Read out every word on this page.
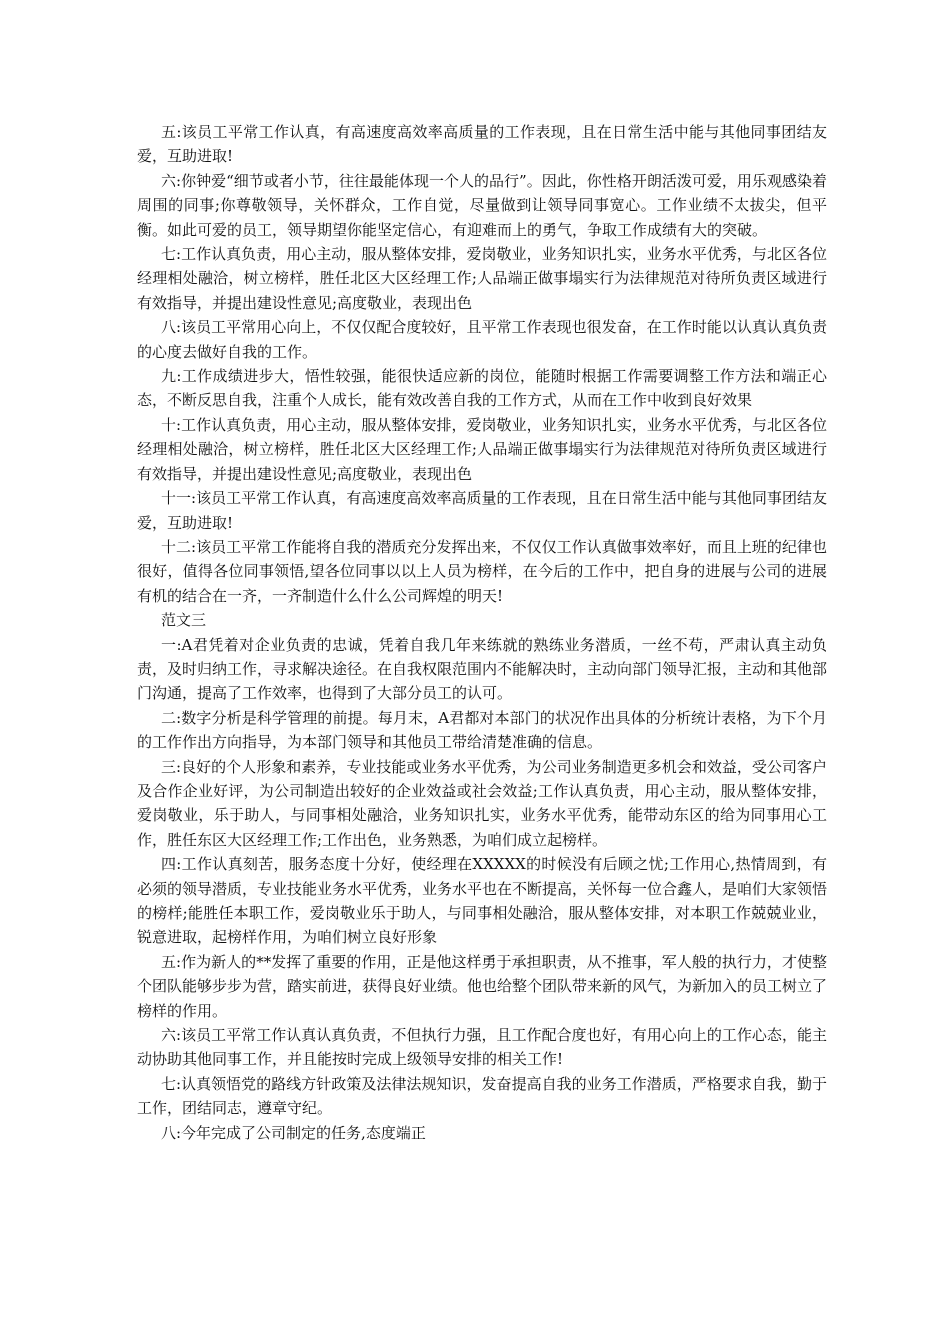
五:该员工平常工作认真，有高速度高效率高质量的工作表现，且在日常生活中能与其他同事团结友爱，互助进取!

六:你钟爱“细节或者小节，往往最能体现一个人的品行”。因此，你性格开朗活泼可爱，用乐观感染着周围的同事;你尊敬领导，关怀群众，工作自觉，尽量做到让领导同事宽心。工作业绩不太拔尖，但平衡。如此可爱的员工，领导期望你能坚定信心，有迎难而上的勇气，争取工作成绩有大的突破。

七:工作认真负责，用心主动，服从整体安排，爱岗敬业，业务知识扎实，业务水平优秀，与北区各位经理相处融洽，树立榜样，胜任北区大区经理工作;人品端正做事塌实行为法律规范对待所负责区域进行有效指导，并提出建设性意见;高度敬业，表现出色

八:该员工平常用心向上，不仅仅配合度较好，且平常工作表现也很发奋，在工作时能以认真认真负责的心度去做好自我的工作。

九:工作成绩进步大，悟性较强，能很快适应新的岗位，能随时根据工作需要调整工作方法和端正心态，不断反思自我，注重个人成长，能有效改善自我的工作方式，从而在工作中收到良好效果

十:工作认真负责，用心主动，服从整体安排，爱岗敬业，业务知识扎实，业务水平优秀，与北区各位经理相处融洽，树立榜样，胜任北区大区经理工作;人品端正做事塌实行为法律规范对待所负责区域进行有效指导，并提出建设性意见;高度敬业，表现出色

十一:该员工平常工作认真，有高速度高效率高质量的工作表现，且在日常生活中能与其他同事团结友爱，互助进取!

十二:该员工平常工作能将自我的潜质充分发挥出来，不仅仅工作认真做事效率好，而且上班的纪律也很好，值得各位同事领悟,望各位同事以以上人员为榜样，在今后的工作中，把自身的进展与公司的进展有机的结合在一齐，一齐制造什么什么公司辉煌的明天!

范文三

一:A君凭着对企业负责的忠诚，凭着自我几年来练就的熟练业务潜质，一丝不苟，严肃认真主动负责，及时归纳工作，寻求解决途径。在自我权限范围内不能解决时，主动向部门领导汇报，主动和其他部门沟通，提高了工作效率，也得到了大部分员工的认可。

二:数字分析是科学管理的前提。每月末，A君都对本部门的状况作出具体的分析统计表格，为下个月的工作作出方向指导，为本部门领导和其他员工带给清楚准确的信息。

三:良好的个人形象和素养，专业技能或业务水平优秀，为公司业务制造更多机会和效益，受公司客户及合作企业好评，为公司制造出较好的企业效益或社会效益;工作认真负责，用心主动，服从整体安排，爱岗敬业，乐于助人，与同事相处融洽，业务知识扎实，业务水平优秀，能带动东区的给为同事用心工作，胜任东区大区经理工作;工作出色，业务熟悉，为咱们成立起榜样。

四:工作认真刻苦，服务态度十分好，使经理在XXXXX的时候没有后顾之忧;工作用心,热情周到，有必须的领导潜质，专业技能业务水平优秀，业务水平也在不断提高，关怀每一位合鑫人，是咱们大家领悟的榜样;能胜任本职工作，爱岗敬业乐于助人，与同事相处融洽，服从整体安排，对本职工作兢兢业业，锐意进取，起榜样作用，为咱们树立良好形象

五:作为新人的**发挥了重要的作用，正是他这样勇于承担职责，从不推事，军人般的执行力，才使整个团队能够步步为营，踏实前进，获得良好业绩。他也给整个团队带来新的风气，为新加入的员工树立了榜样的作用。

六:该员工平常工作认真认真负责，不但执行力强，且工作配合度也好，有用心向上的工作心态，能主动协助其他同事工作，并且能按时完成上级领导安排的相关工作!

七:认真领悟党的路线方针政策及法律法规知识，发奋提高自我的业务工作潜质，严格要求自我，勤于工作，团结同志，遵章守纪。

八:今年完成了公司制定的任务,态度端正
